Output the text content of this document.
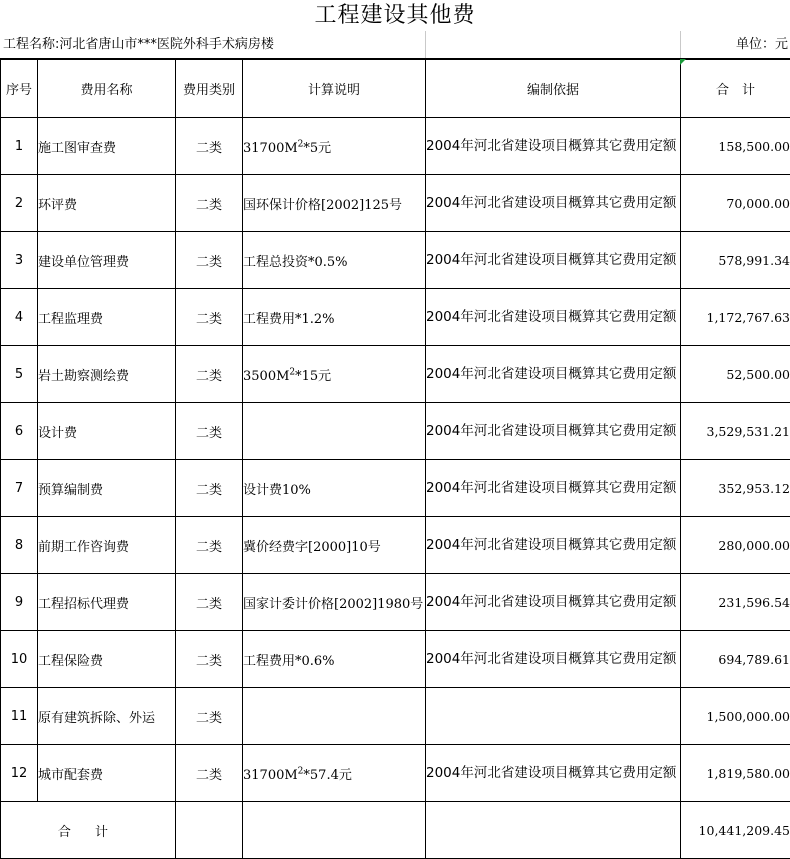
工程建设其他费
工程名称:河北省唐山市***医院外科手术病房楼	单位：元
序号	费用名称	费用类别	计算说明	编制依据	合　计
1	施工图审查费	二类	$31700M^2*5$元	2004年河北省建设项目概算其它费用定额	158,500.00
2	环评费	二类	国环保计价格[2002]125号	2004年河北省建设项目概算其它费用定额	70,000.00
3	建设单位管理费	二类	工程总投资*0.5%	2004年河北省建设项目概算其它费用定额	578,991.34
4	工程监理费	二类	工程费用*1.2%	2004年河北省建设项目概算其它费用定额	1,172,767.63
5	岩土勘察测绘费	二类	$3500M^2*15$元	2004年河北省建设项目概算其它费用定额	52,500.00
6	设计费	二类		2004年河北省建设项目概算其它费用定额	3,529,531.21
7	预算编制费	二类	设计费10%	2004年河北省建设项目概算其它费用定额	352,953.12
8	前期工作咨询费	二类	冀价经费字[2000]10号	2004年河北省建设项目概算其它费用定额	280,000.00
9	工程招标代理费	二类	国家计委计价格[2002]1980号	2004年河北省建设项目概算其它费用定额	231,596.54
10	工程保险费	二类	工程费用*0.6%	2004年河北省建设项目概算其它费用定额	694,789.61
11	原有建筑拆除、外运	二类			1,500,000.00
12	城市配套费	二类	$31700M^2*57.4$元	2004年河北省建设项目概算其它费用定额	1,819,580.00
合 计					10,441,209.45
